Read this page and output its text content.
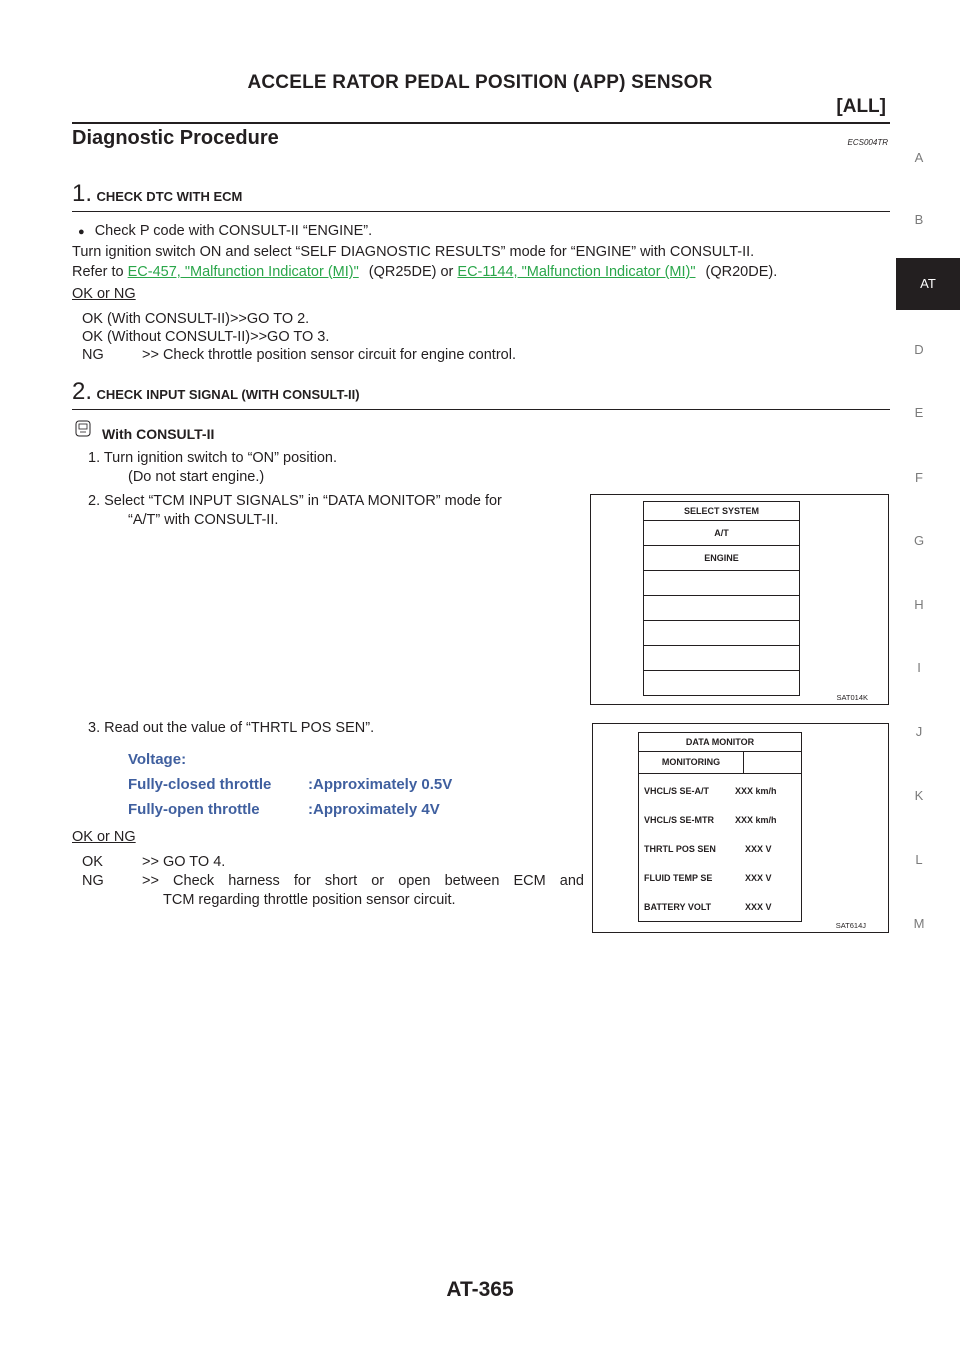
ACCELE RATOR PEDAL POSITION (APP) SENSOR
[ALL]
Diagnostic Procedure	ECS004TR
A
B
AT
D
E
F
G
H
I
J
K
L
M
1. CHECK DTC WITH ECM
● Check P code with CONSULT-II “ENGINE”.
Turn ignition switch ON and select “SELF DIAGNOSTIC RESULTS” mode for “ENGINE” with CONSULT-II.
Refer to EC-457, "Malfunction Indicator (MI)" (QR25DE) or EC-1144, "Malfunction Indicator (MI)" (QR20DE).
OK or NG
OK (With CONSULT-II)>>GO TO 2.
OK (Without CONSULT-II)>>GO TO 3.
NG	>> Check throttle position sensor circuit for engine control.
2. CHECK INPUT SIGNAL (WITH CONSULT-II)
With CONSULT-II
1. Turn ignition switch to “ON” position.
(Do not start engine.)
2. Select “TCM INPUT SIGNALS” in “DATA MONITOR” mode for
“A/T” with CONSULT-II.
SELECT SYSTEM
A/T
ENGINE
SAT014K
3. Read out the value of “THRTL POS SEN”.
Voltage:
Fully-closed throttle :Approximately 0.5V
Fully-open throttle	:Approximately 4V
OK or NG
OK	>> GO TO 4.
NG	>> Check harness for short or open between ECM and
TCM regarding throttle position sensor circuit.
DATA MONITOR
MONITORING
VHCL/S SE-A/T	XXX km/h
VHCL/S SE-MTR XXX km/h
THRTL POS SEN	XXX V
FLUID TEMP SE	XXX V
BATTERY VOLT	XXX V
SAT614J
AT-365
